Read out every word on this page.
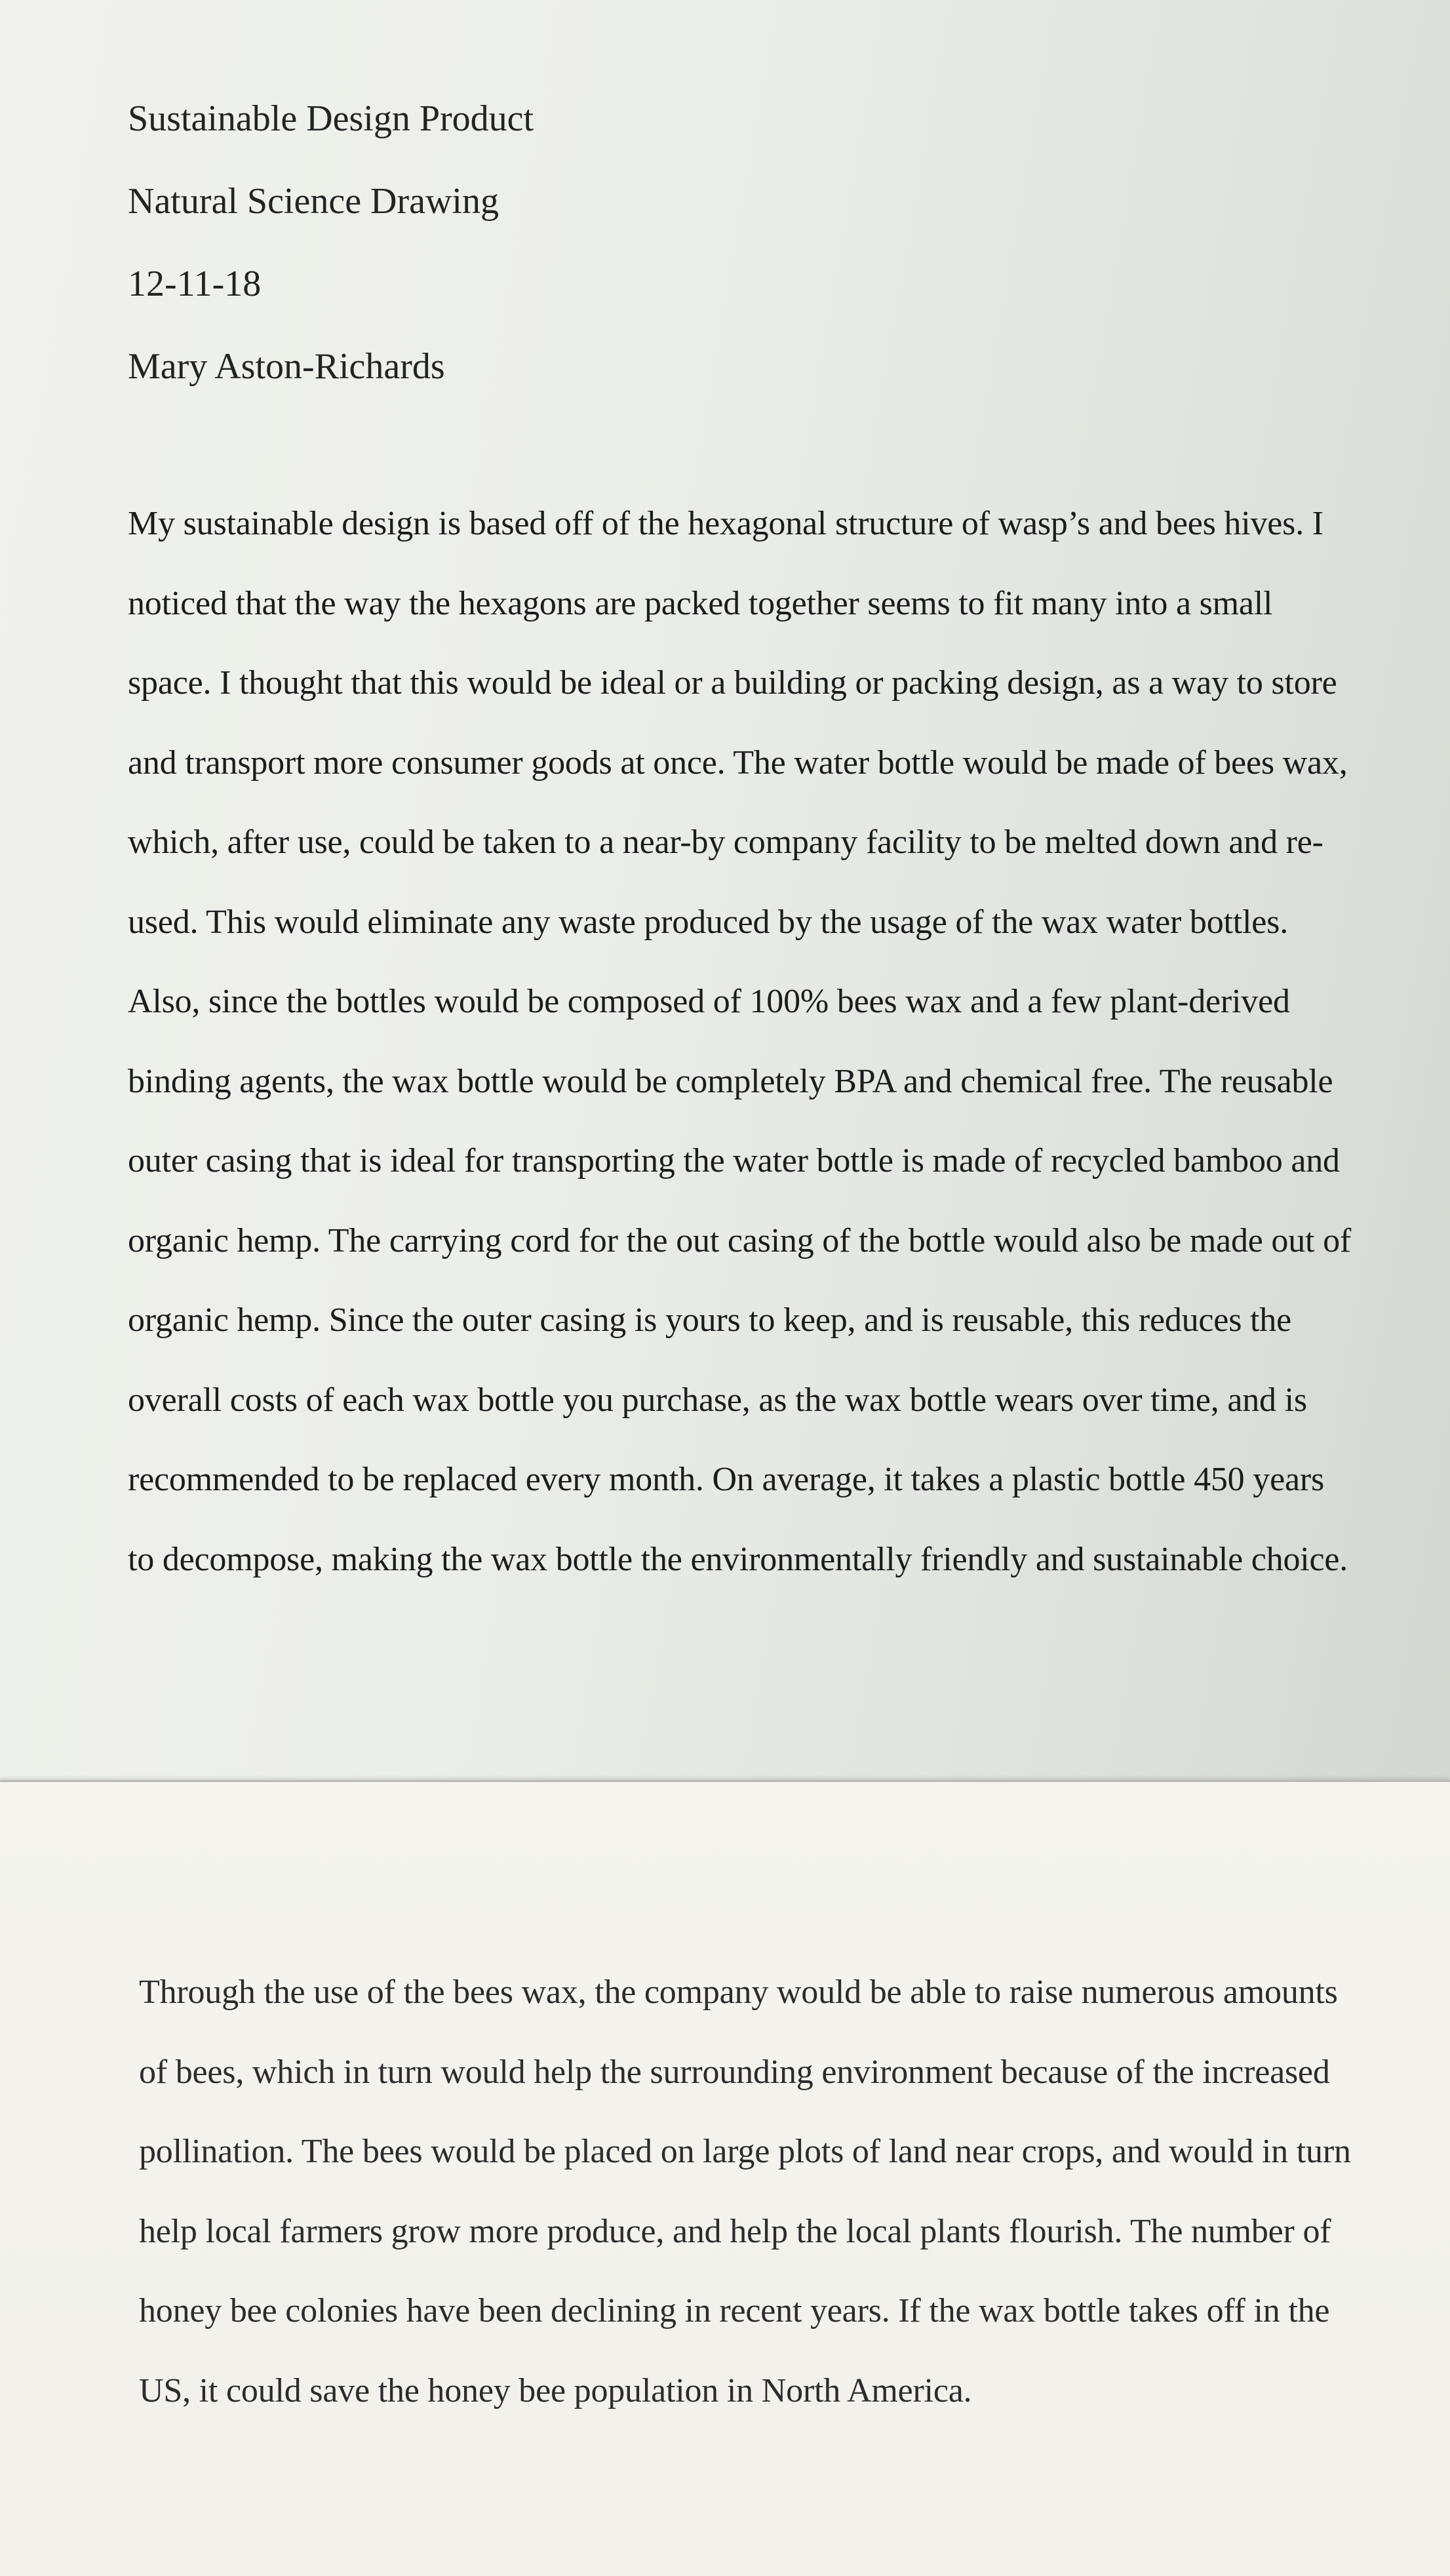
Sustainable Design Product

Natural Science Drawing

12-11-18

Mary Aston-Richards

My sustainable design is based off of the hexagonal structure of wasp’s and bees hives. I noticed that the way the hexagons are packed together seems to fit many into a small space. I thought that this would be ideal or a building or packing design, as a way to store and transport more consumer goods at once. The water bottle would be made of bees wax, which, after use, could be taken to a near-by company facility to be melted down and re-used. This would eliminate any waste produced by the usage of the wax water bottles. Also, since the bottles would be composed of 100% bees wax and a few plant-derived binding agents, the wax bottle would be completely BPA and chemical free. The reusable outer casing that is ideal for transporting the water bottle is made of recycled bamboo and organic hemp. The carrying cord for the out casing of the bottle would also be made out of organic hemp. Since the outer casing is yours to keep, and is reusable, this reduces the overall costs of each wax bottle you purchase, as the wax bottle wears over time, and is recommended to be replaced every month. On average, it takes a plastic bottle 450 years to decompose, making the wax bottle the environmentally friendly and sustainable choice.

Through the use of the bees wax, the company would be able to raise numerous amounts of bees, which in turn would help the surrounding environment because of the increased pollination. The bees would be placed on large plots of land near crops, and would in turn help local farmers grow more produce, and help the local plants flourish. The number of honey bee colonies have been declining in recent years. If the wax bottle takes off in the US, it could save the honey bee population in North America.
